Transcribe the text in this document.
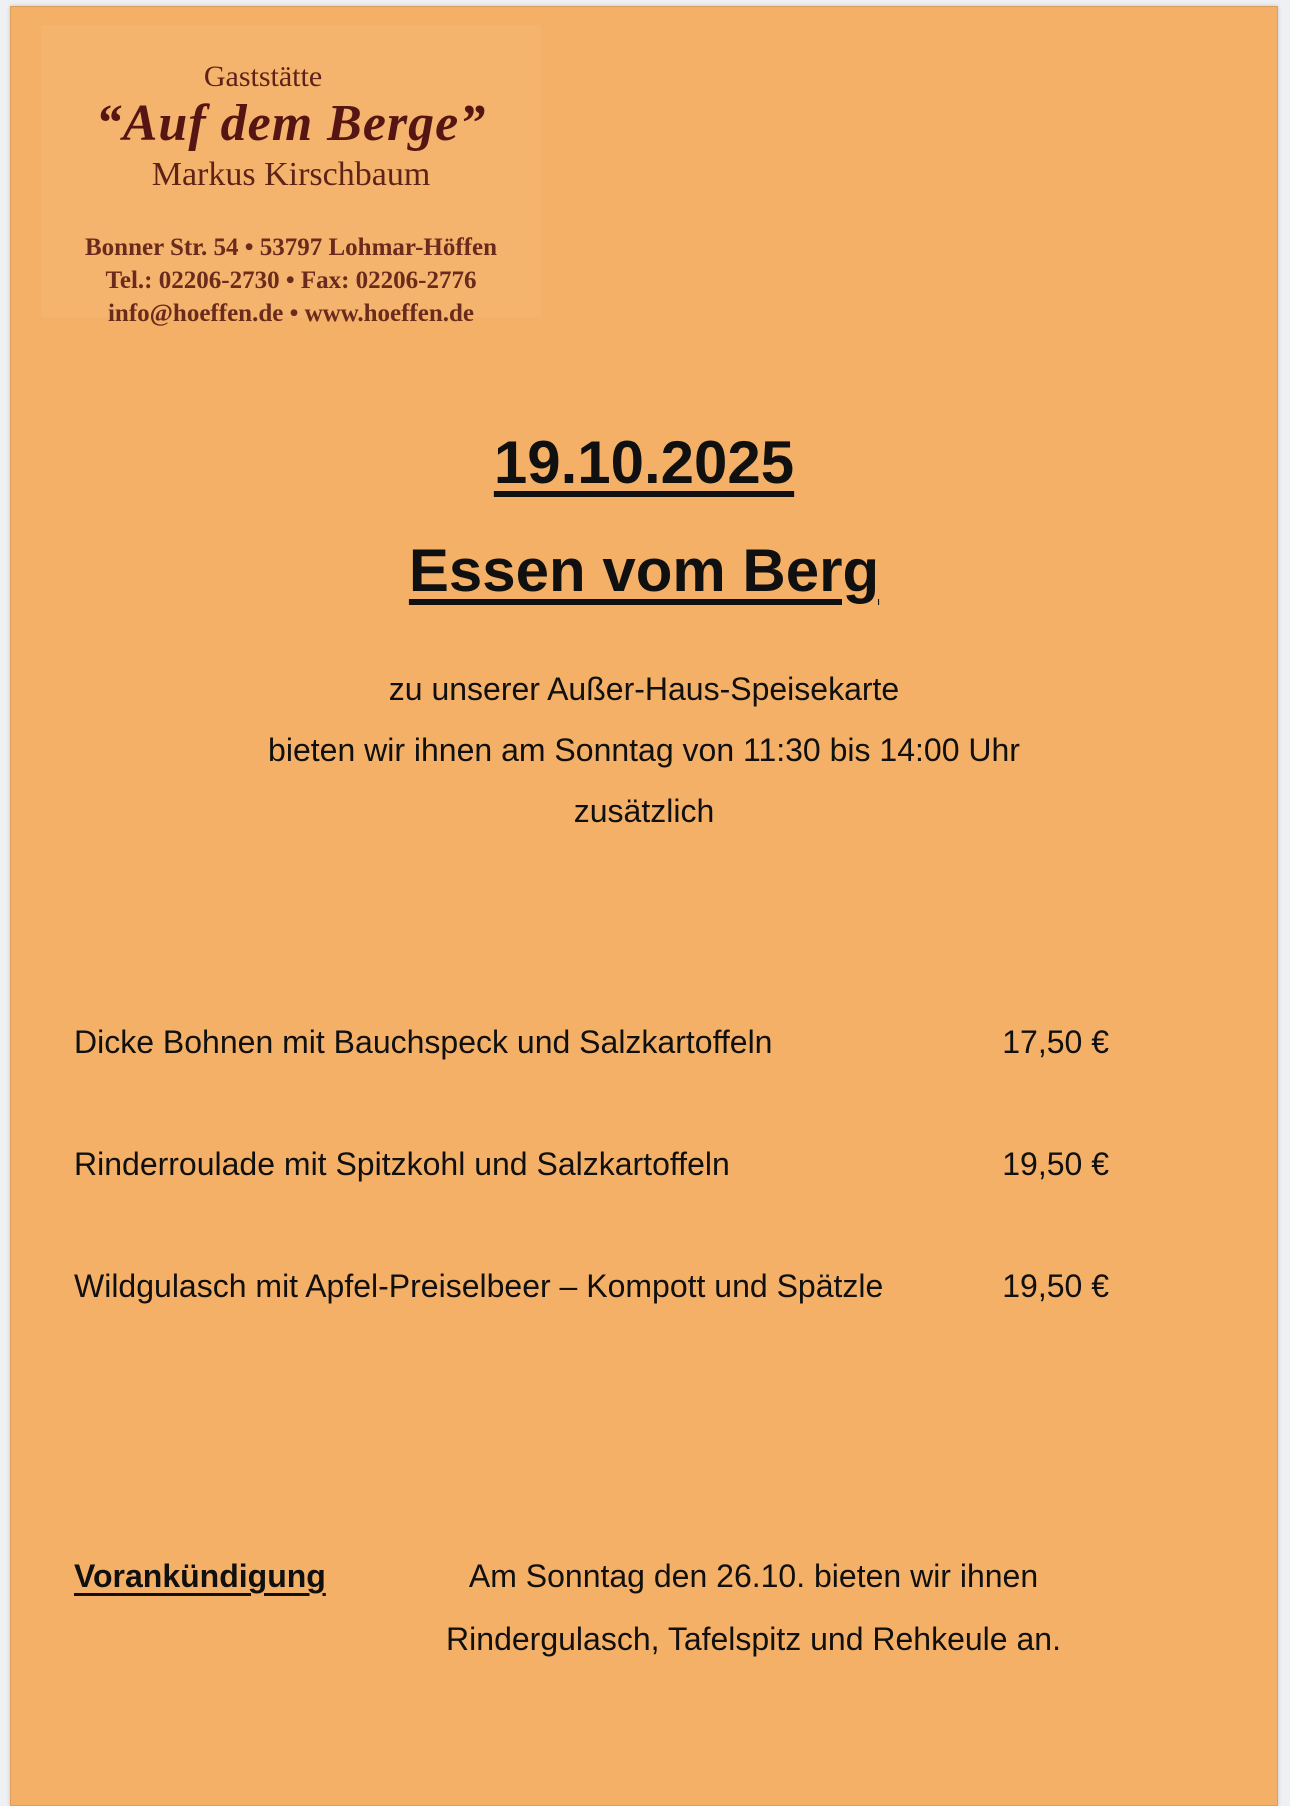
Gaststätte
“Auf dem Berge”
Markus Kirschbaum
Bonner Str. 54 • 53797 Lohmar-Höffen
Tel.: 02206-2730 • Fax: 02206-2776
info@hoeffen.de • www.hoeffen.de
19.10.2025
Essen vom Berg
zu unserer Außer-Haus-Speisekarte
bieten wir ihnen am Sonntag von 11:30 bis 14:00 Uhr
zusätzlich
Dicke Bohnen mit Bauchspeck und Salzkartoffeln	17,50 €
Rinderroulade mit Spitzkohl und Salzkartoffeln	19,50 €
Wildgulasch mit Apfel-Preiselbeer – Kompott und Spätzle	19,50 €
Vorankündigung	Am Sonntag den 26.10. bieten wir ihnen
Rindergulasch, Tafelspitz und Rehkeule an.
